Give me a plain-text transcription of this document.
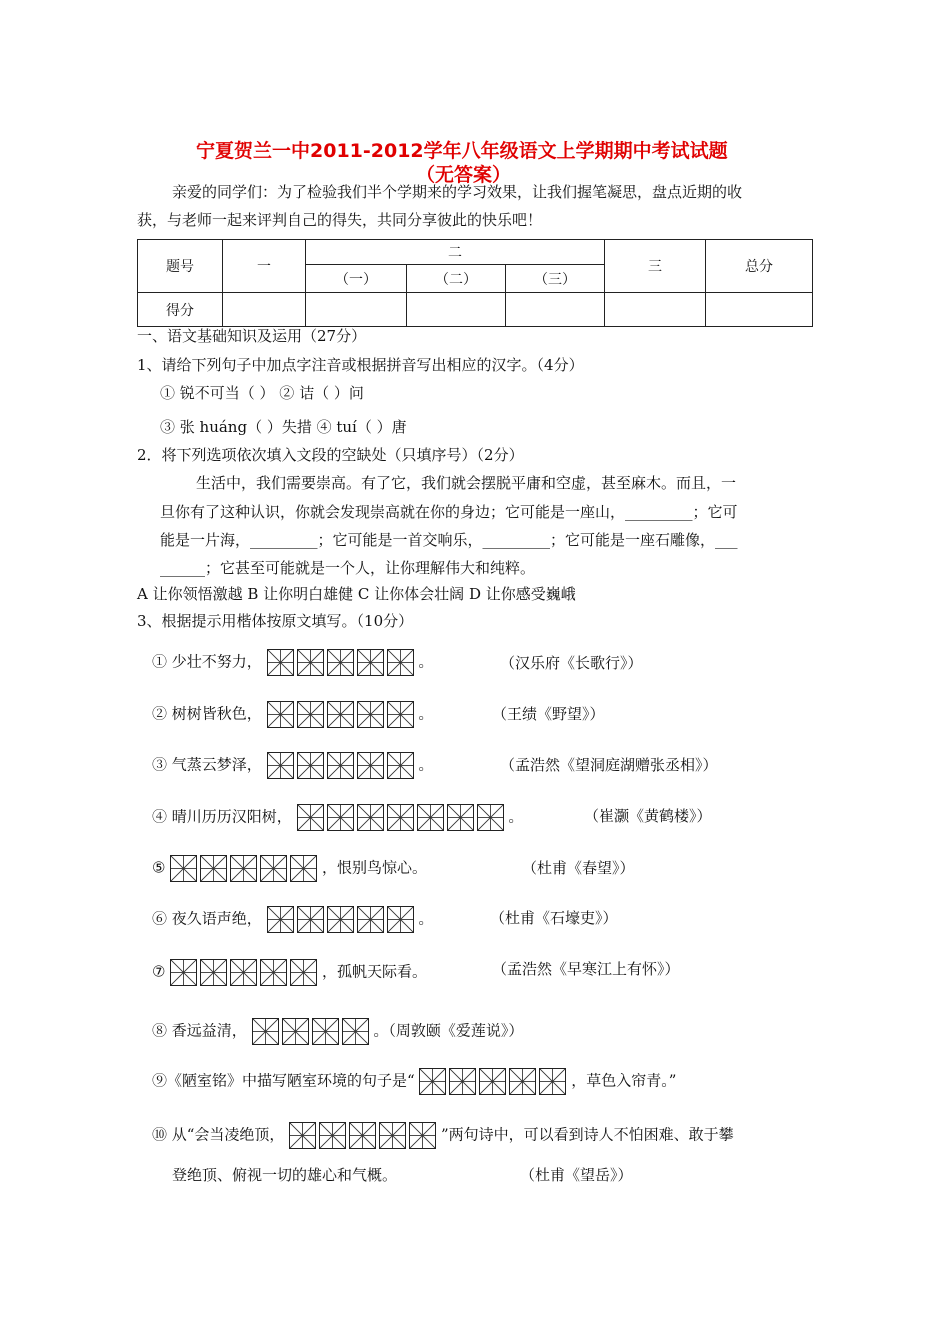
宁夏贺兰一中2011-2012学年八年级语文上学期期中考试试题
（无答案）
亲爱的同学们：为了检验我们半个学期来的学习效果，让我们握笔凝思，盘点近期的收
获，与老师一起来评判自己的得失，共同分享彼此的快乐吧！
题号	一	二			三	总分
		（一）	（二）	（三）		
得分						
一、语文基础知识及运用（27分）
1、请给下列句子中加点字注音或根据拼音写出相应的汉字。（4分）
① 锐不可当（ ） ② 诘（ ）问
③ 张 huáng（ ）失措 ④ tuí（ ）唐
2．将下列选项依次填入文段的空缺处（只填序号）（2分）
生活中，我们需要崇高。有了它，我们就会摆脱平庸和空虚，甚至麻木。而且，一
旦你有了这种认识，你就会发现崇高就在你的身边；它可能是一座山，_________；它可
能是一片海，_________；它可能是一首交响乐，_________；它可能是一座石雕像，___
______；它甚至可能就是一个人，让你理解伟大和纯粹。
A 让你领悟激越 B 让你明白雄健 C 让你体会壮阔 D 让你感受巍峨
3、根据提示用楷体按原文填写。（10分）
① 少壮不努力，	。	（汉乐府《长歌行》）
② 树树皆秋色，	。	（王绩《野望》）
③ 气蒸云梦泽，	。	（孟浩然《望洞庭湖赠张丞相》）
④ 晴川历历汉阳树，	。	（崔灏《黄鹤楼》）
⑤	，恨别鸟惊心。	（杜甫《春望》）
⑥ 夜久语声绝，	。	（杜甫《石壕吏》）
⑦	，孤帆天际看。	（孟浩然《早寒江上有怀》）
⑧ 香远益清，	。（周敦颐《爱莲说》）
⑨《陋室铭》中描写陋室环境的句子是“	，草色入帘青。”
⑩ 从“会当凌绝顶，	”两句诗中，可以看到诗人不怕困难、敢于攀
登绝顶、俯视一切的雄心和气概。	（杜甫《望岳》）
